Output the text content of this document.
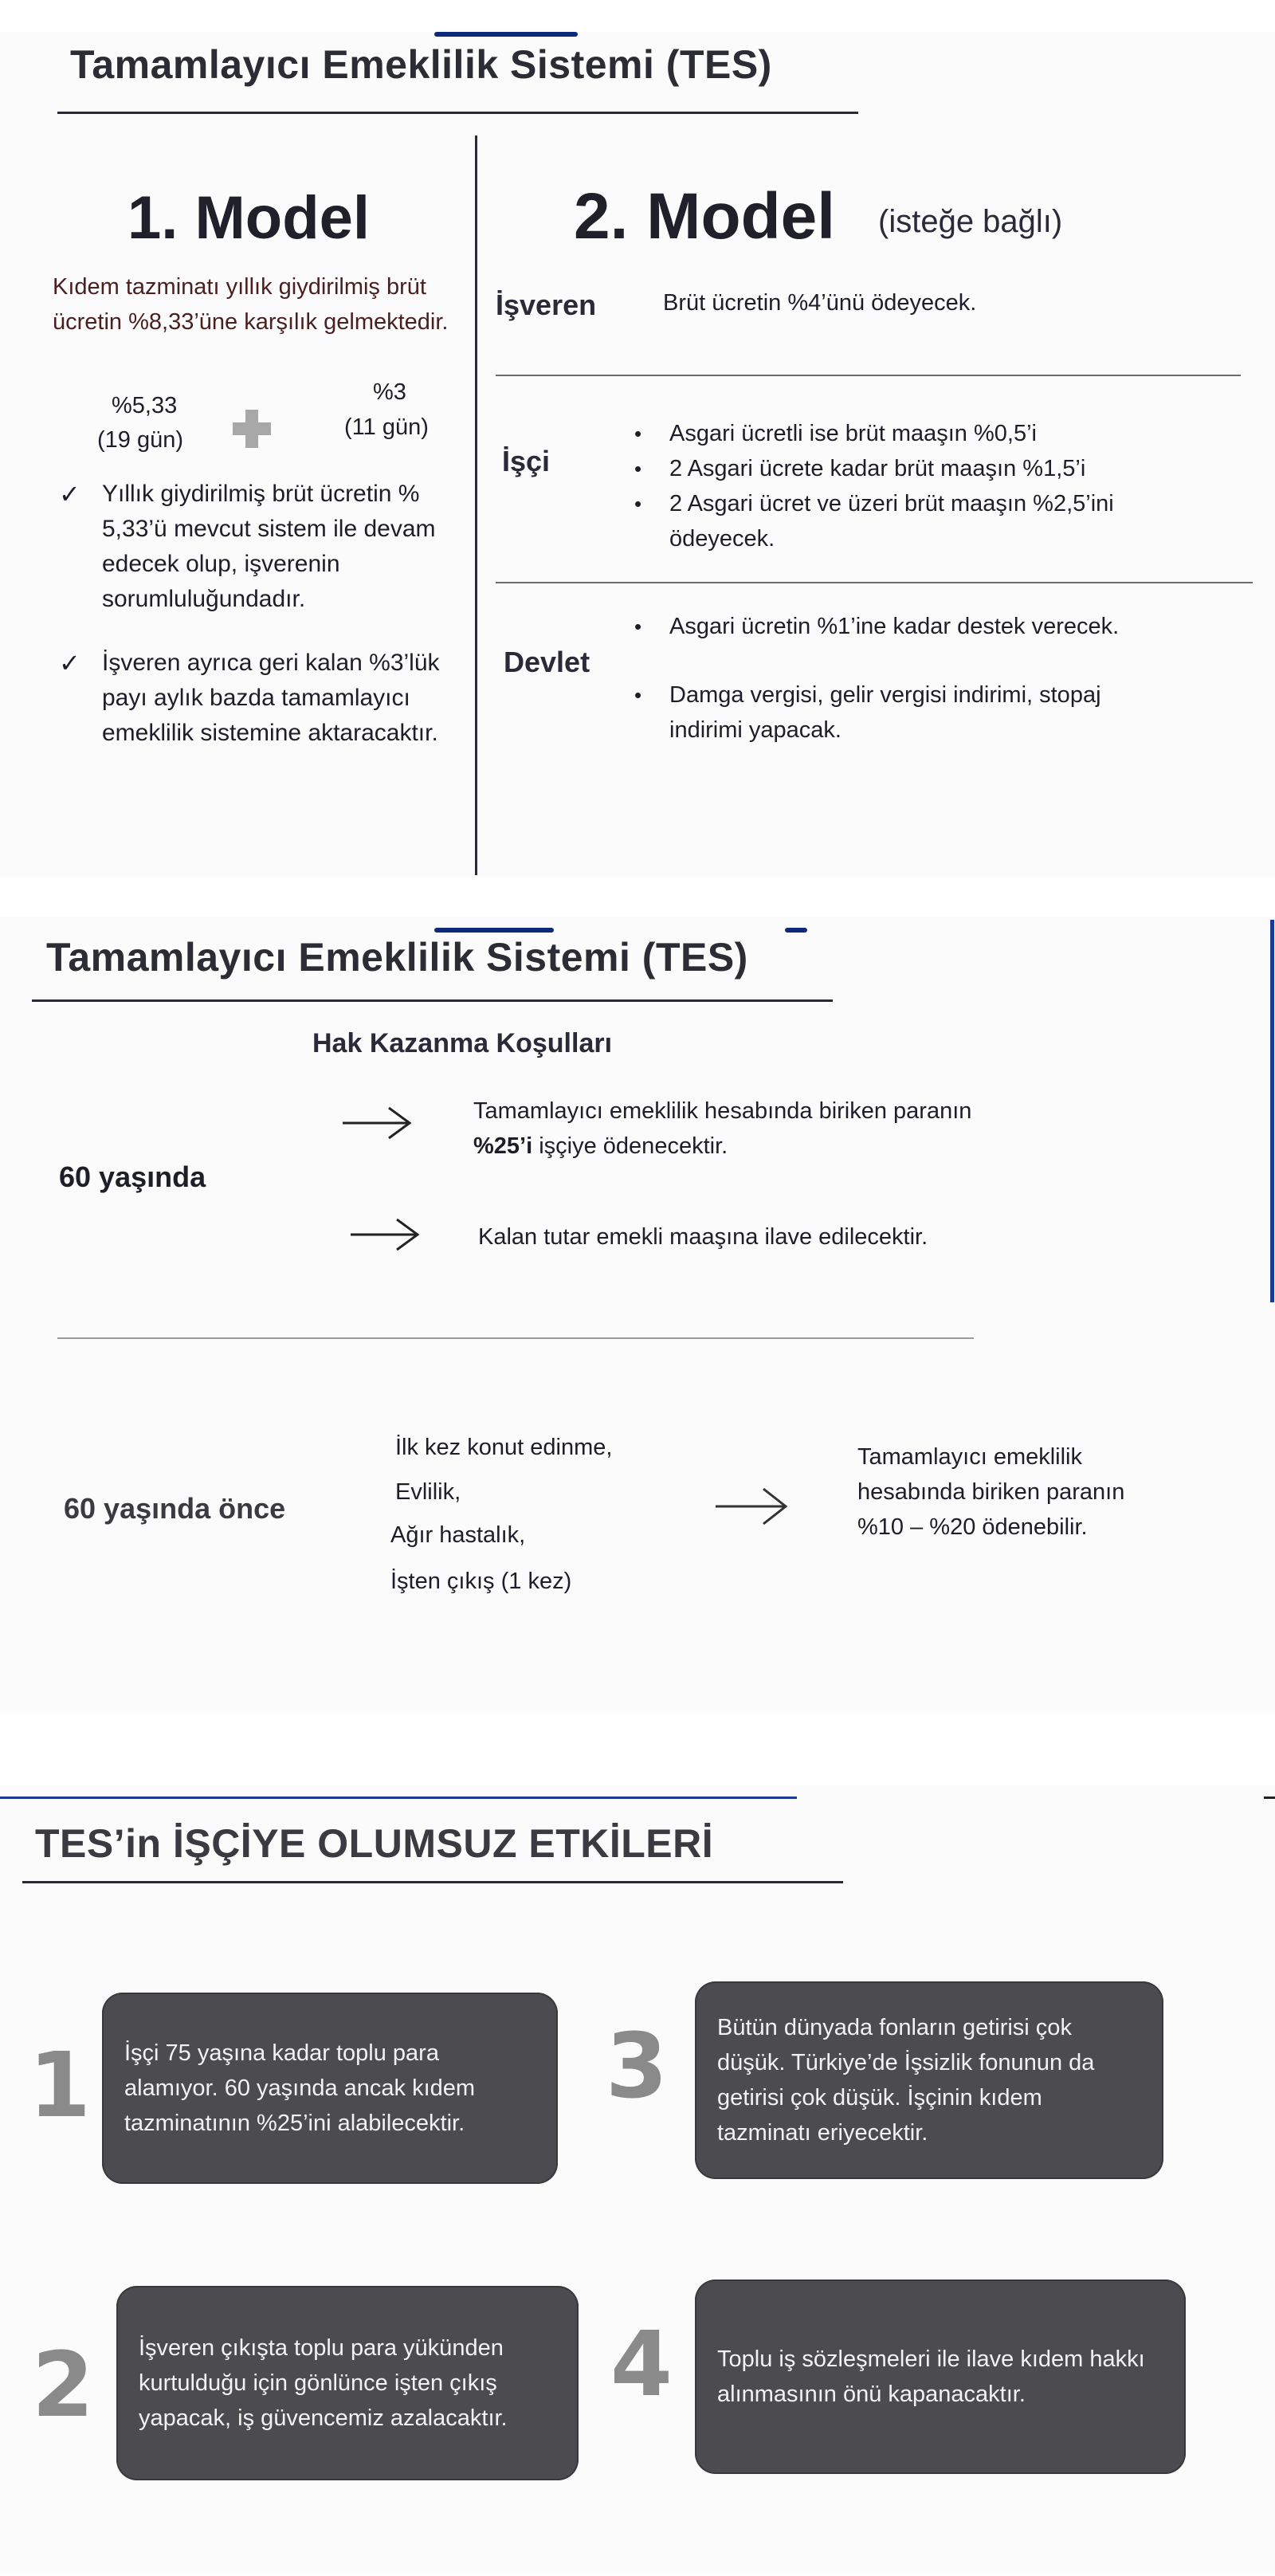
Tamamlayıcı Emeklilik Sistemi (TES)
1. Model
Kıdem tazminatı yıllık giydirilmiş brüt ücretin %8,33’üne karşılık gelmektedir.
%5,33
(19 gün)
%3
(11 gün)
✓ Yıllık giydirilmiş brüt ücretin % 5,33’ü mevcut sistem ile devam edecek olup, işverenin sorumluluğundadır.
✓ İşveren ayrıca geri kalan %3’lük payı aylık bazda tamamlayıcı emeklilik sistemine aktaracaktır.
2. Model (isteğe bağlı)
İşveren	Brüt ücretin %4’ünü ödeyecek.
İşçi
• Asgari ücretli ise brüt maaşın %0,5’i
• 2 Asgari ücrete kadar brüt maaşın %1,5’i
• 2 Asgari ücret ve üzeri brüt maaşın %2,5’ini ödeyecek.
Devlet
• Asgari ücretin %1’ine kadar destek verecek.
• Damga vergisi, gelir vergisi indirimi, stopaj indirimi yapacak.
Tamamlayıcı Emeklilik Sistemi (TES)
Hak Kazanma Koşulları
60 yaşında
Tamamlayıcı emeklilik hesabında biriken paranın %25’i işçiye ödenecektir.
Kalan tutar emekli maaşına ilave edilecektir.
60 yaşında önce
İlk kez konut edinme,
Evlilik,
Ağır hastalık,
İşten çıkış (1 kez)
Tamamlayıcı emeklilik hesabında biriken paranın %10 – %20 ödenebilir.
TES’in İŞÇİYE OLUMSUZ ETKİLERİ
1 İşçi 75 yaşına kadar toplu para alamıyor. 60 yaşında ancak kıdem tazminatının %25’ini alabilecektir.
3 Bütün dünyada fonların getirisi çok düşük. Türkiye’de İşsizlik fonunun da getirisi çok düşük. İşçinin kıdem tazminatı eriyecektir.
2 İşveren çıkışta toplu para yükünden kurtulduğu için gönlünce işten çıkış yapacak, iş güvencemiz azalacaktır.
4 Toplu iş sözleşmeleri ile ilave kıdem hakkı alınmasının önü kapanacaktır.
